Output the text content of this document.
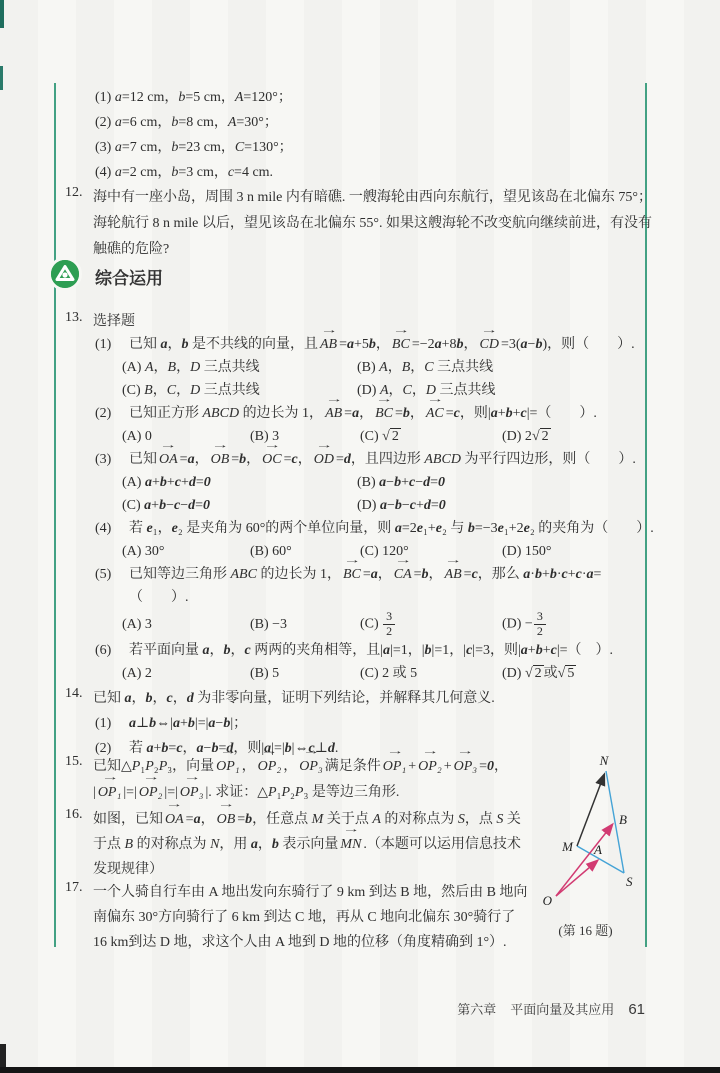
(1) a=12 cm，b=5 cm，A=120°；
(2) a=6 cm，b=8 cm，A=30°；
(3) a=7 cm，b=23 cm，C=130°；
(4) a=2 cm，b=3 cm，c=4 cm.
12. 海中有一座小岛，周围 3 n mile 内有暗礁. 一艘海轮由西向东航行，望见该岛在北偏东 75°；
海轮航行 8 n mile 以后，望见该岛在北偏东 55°. 如果这艘海轮不改变航向继续前进，有没有
触礁的危险?
综合运用
13. 选择题
(1)	已知 a，b 是不共线的向量，且 → AB =a+5b， → BC =−2a+8b， → CD =3(a−b)，则（　　）.
(A) A，B，D 三点共线	(B) A，B，C 三点共线
(C) B，C，D 三点共线	(D) A，C，D 三点共线
(2)	已知正方形 ABCD 的边长为 1， → AB =a， → BC =b， → AC =c，则|a+b+c|=（　　）.
(A) 0	(B) 3	(C) √ 2	(D) 2√ 2
(3)	已知 → OA =a， → OB =b， → OC =c， → OD =d，且四边形 ABCD 为平行四边形，则（　　）.
(A) a+b+c+d=0	(B) a−b+c−d=0
(C) a+b−c−d=0	(D) a−b−c+d=0
(4)	若 e₁，e₂ 是夹角为 60°的两个单位向量，则 a=2e₁+e₂ 与 b=−3e₁+2e₂ 的夹角为（　　）.
(A) 30°	(B) 60°	(C) 120°	(D) 150°
(5)	已知等边三角形 ABC 的边长为 1， → BC =a， → CA =b， → AB =c，那么 a·b+b·c+c·a=
（　　）.
(A) 3	(B) −3	$(C) \frac{3}{2}$	$(D) - \frac{3}{2}$
(6)	若平面向量 a，b，c 两两的夹角相等，且|a|=1，|b|=1，|c|=3，则|a+b+c|=（　）.
(A) 2	(B) 5	(C) 2 或 5	(D) √ 2 或√ 5
14. 已知 a，b，c，d 为非零向量，证明下列结论，并解释其几何意义.
(1)	a⊥b⇔|a+b|=|a−b|；
(2)	若 a+b=c，a−b=d，则|a|=|b|⇔c⊥d.
15. 已知△P₁P₂P₃，向量 → OP₁ ， → OP₂ ， → OP₃ 满足条件 → OP₁ + → OP₂ + → OP₃ =0，
| → OP₁ |=| → OP₂ |=| → OP₃ |. 求证：△P₁P₂P₃ 是等边三角形.
16. 如图，已知 → OA =a， → OB =b，任意点 M 关于点 A 的对称点为 S，点 S 关
于点 B 的对称点为 N，用 a，b 表示向量 → MN .（本题可以运用信息技术
发现规律）
17. 一个人骑自行车由 A 地出发向东骑行了 9 km 到达 B 地，然后由 B 地向
南偏东 30°方向骑行了 6 km 到达 C 地，再从 C 地向北偏东 30°骑行了
16 km到达 D 地，求这个人由 A 地到 D 地的位移（角度精确到 1°）.
N
B
M A
S
O
(第 16 题)
第六章 平面向量及其应用 61
